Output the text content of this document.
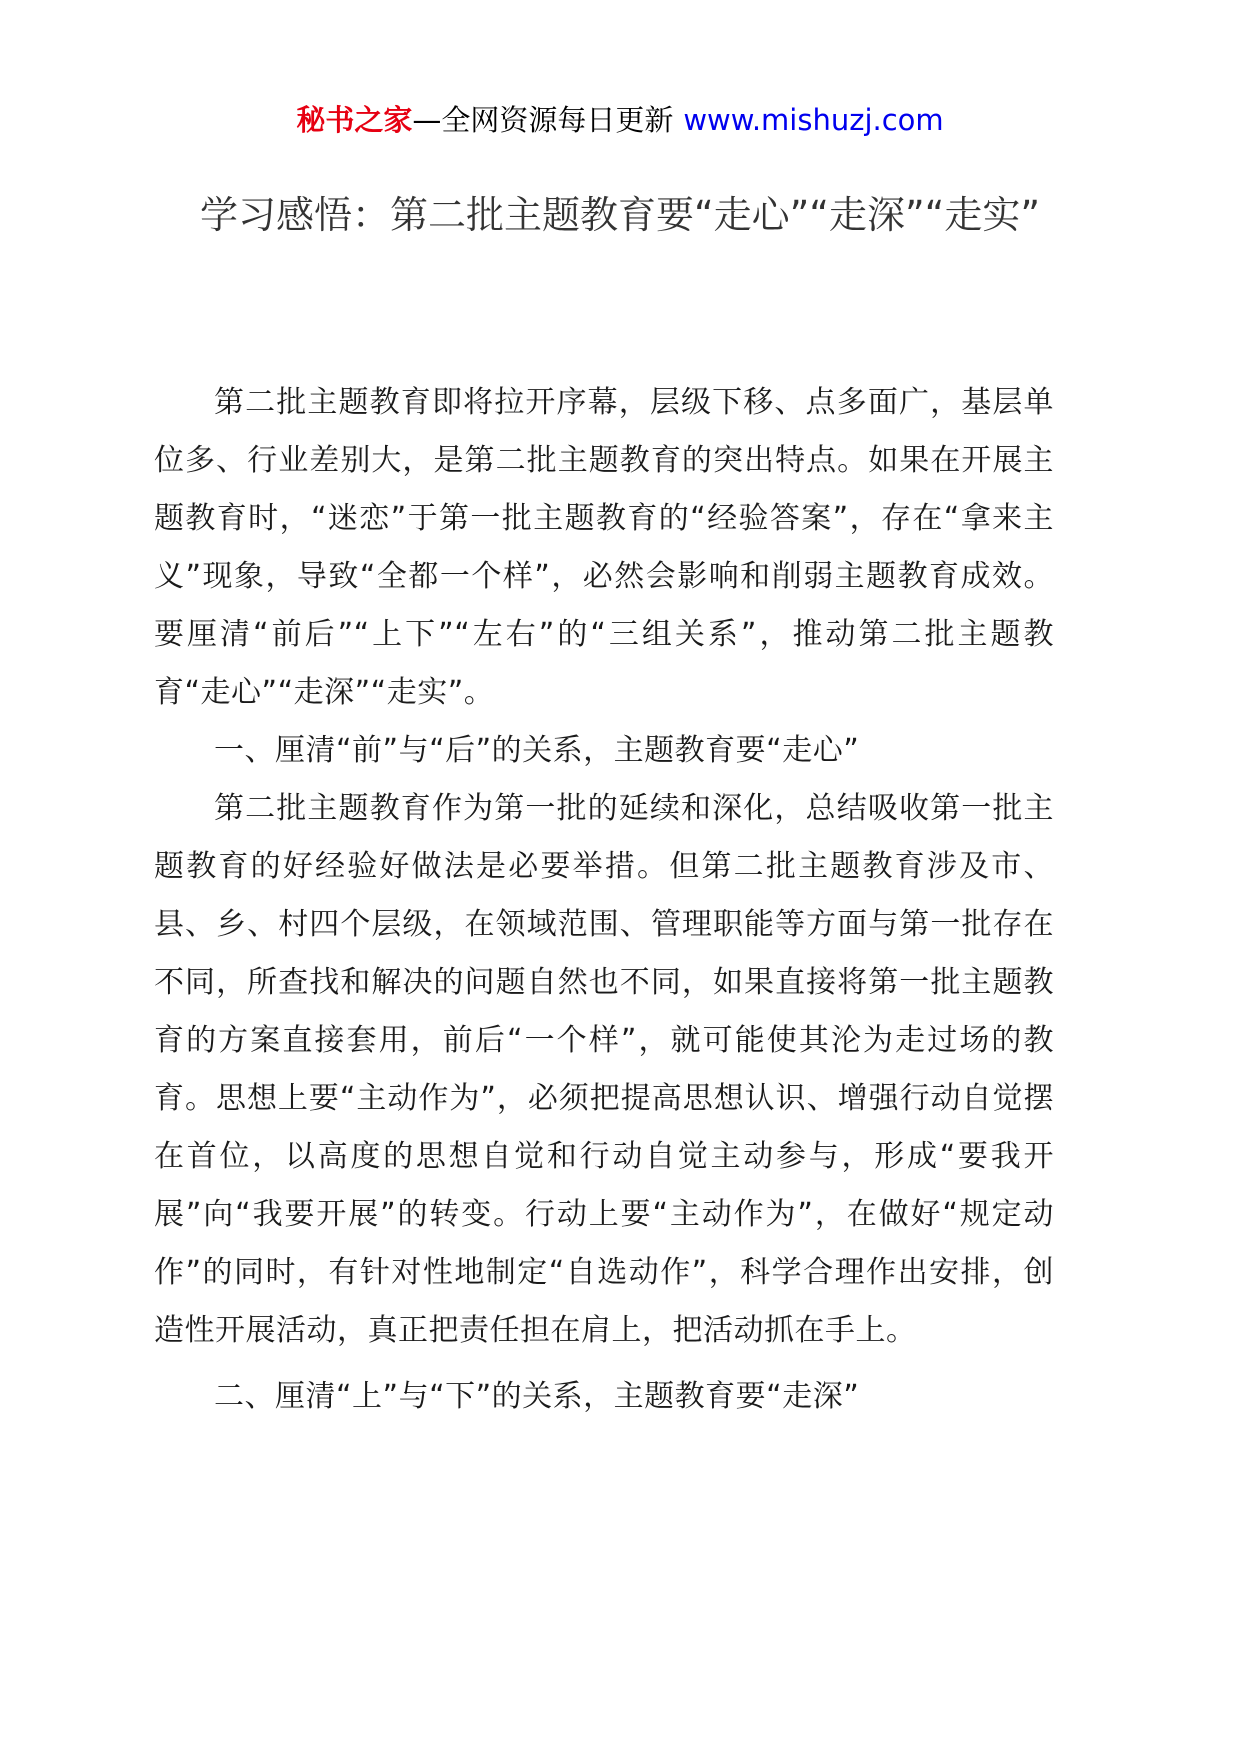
秘书之家—全网资源每日更新 www.mishuzj.com
学习感悟：第二批主题教育要“走心”“走深”“走实”

第二批主题教育即将拉开序幕，层级下移、点多面广，基层单位多、行业差别大，是第二批主题教育的突出特点。如果在开展主题教育时，“迷恋”于第一批主题教育的“经验答案”，存在“拿来主义”现象，导致“全都一个样”，必然会影响和削弱主题教育成效。要厘清“前后”“上下”“左右”的“三组关系”，推动第二批主题教育“走心”“走深”“走实”。

一、厘清“前”与“后”的关系，主题教育要“走心”

第二批主题教育作为第一批的延续和深化，总结吸收第一批主题教育的好经验好做法是必要举措。但第二批主题教育涉及市、县、乡、村四个层级，在领域范围、管理职能等方面与第一批存在不同，所查找和解决的问题自然也不同，如果直接将第一批主题教育的方案直接套用，前后“一个样”，就可能使其沦为走过场的教育。思想上要“主动作为”，必须把提高思想认识、增强行动自觉摆在首位，以高度的思想自觉和行动自觉主动参与，形成“要我开展”向“我要开展”的转变。行动上要“主动作为”，在做好“规定动作”的同时，有针对性地制定“自选动作”，科学合理作出安排，创造性开展活动，真正把责任担在肩上，把活动抓在手上。

二、厘清“上”与“下”的关系，主题教育要“走深”
